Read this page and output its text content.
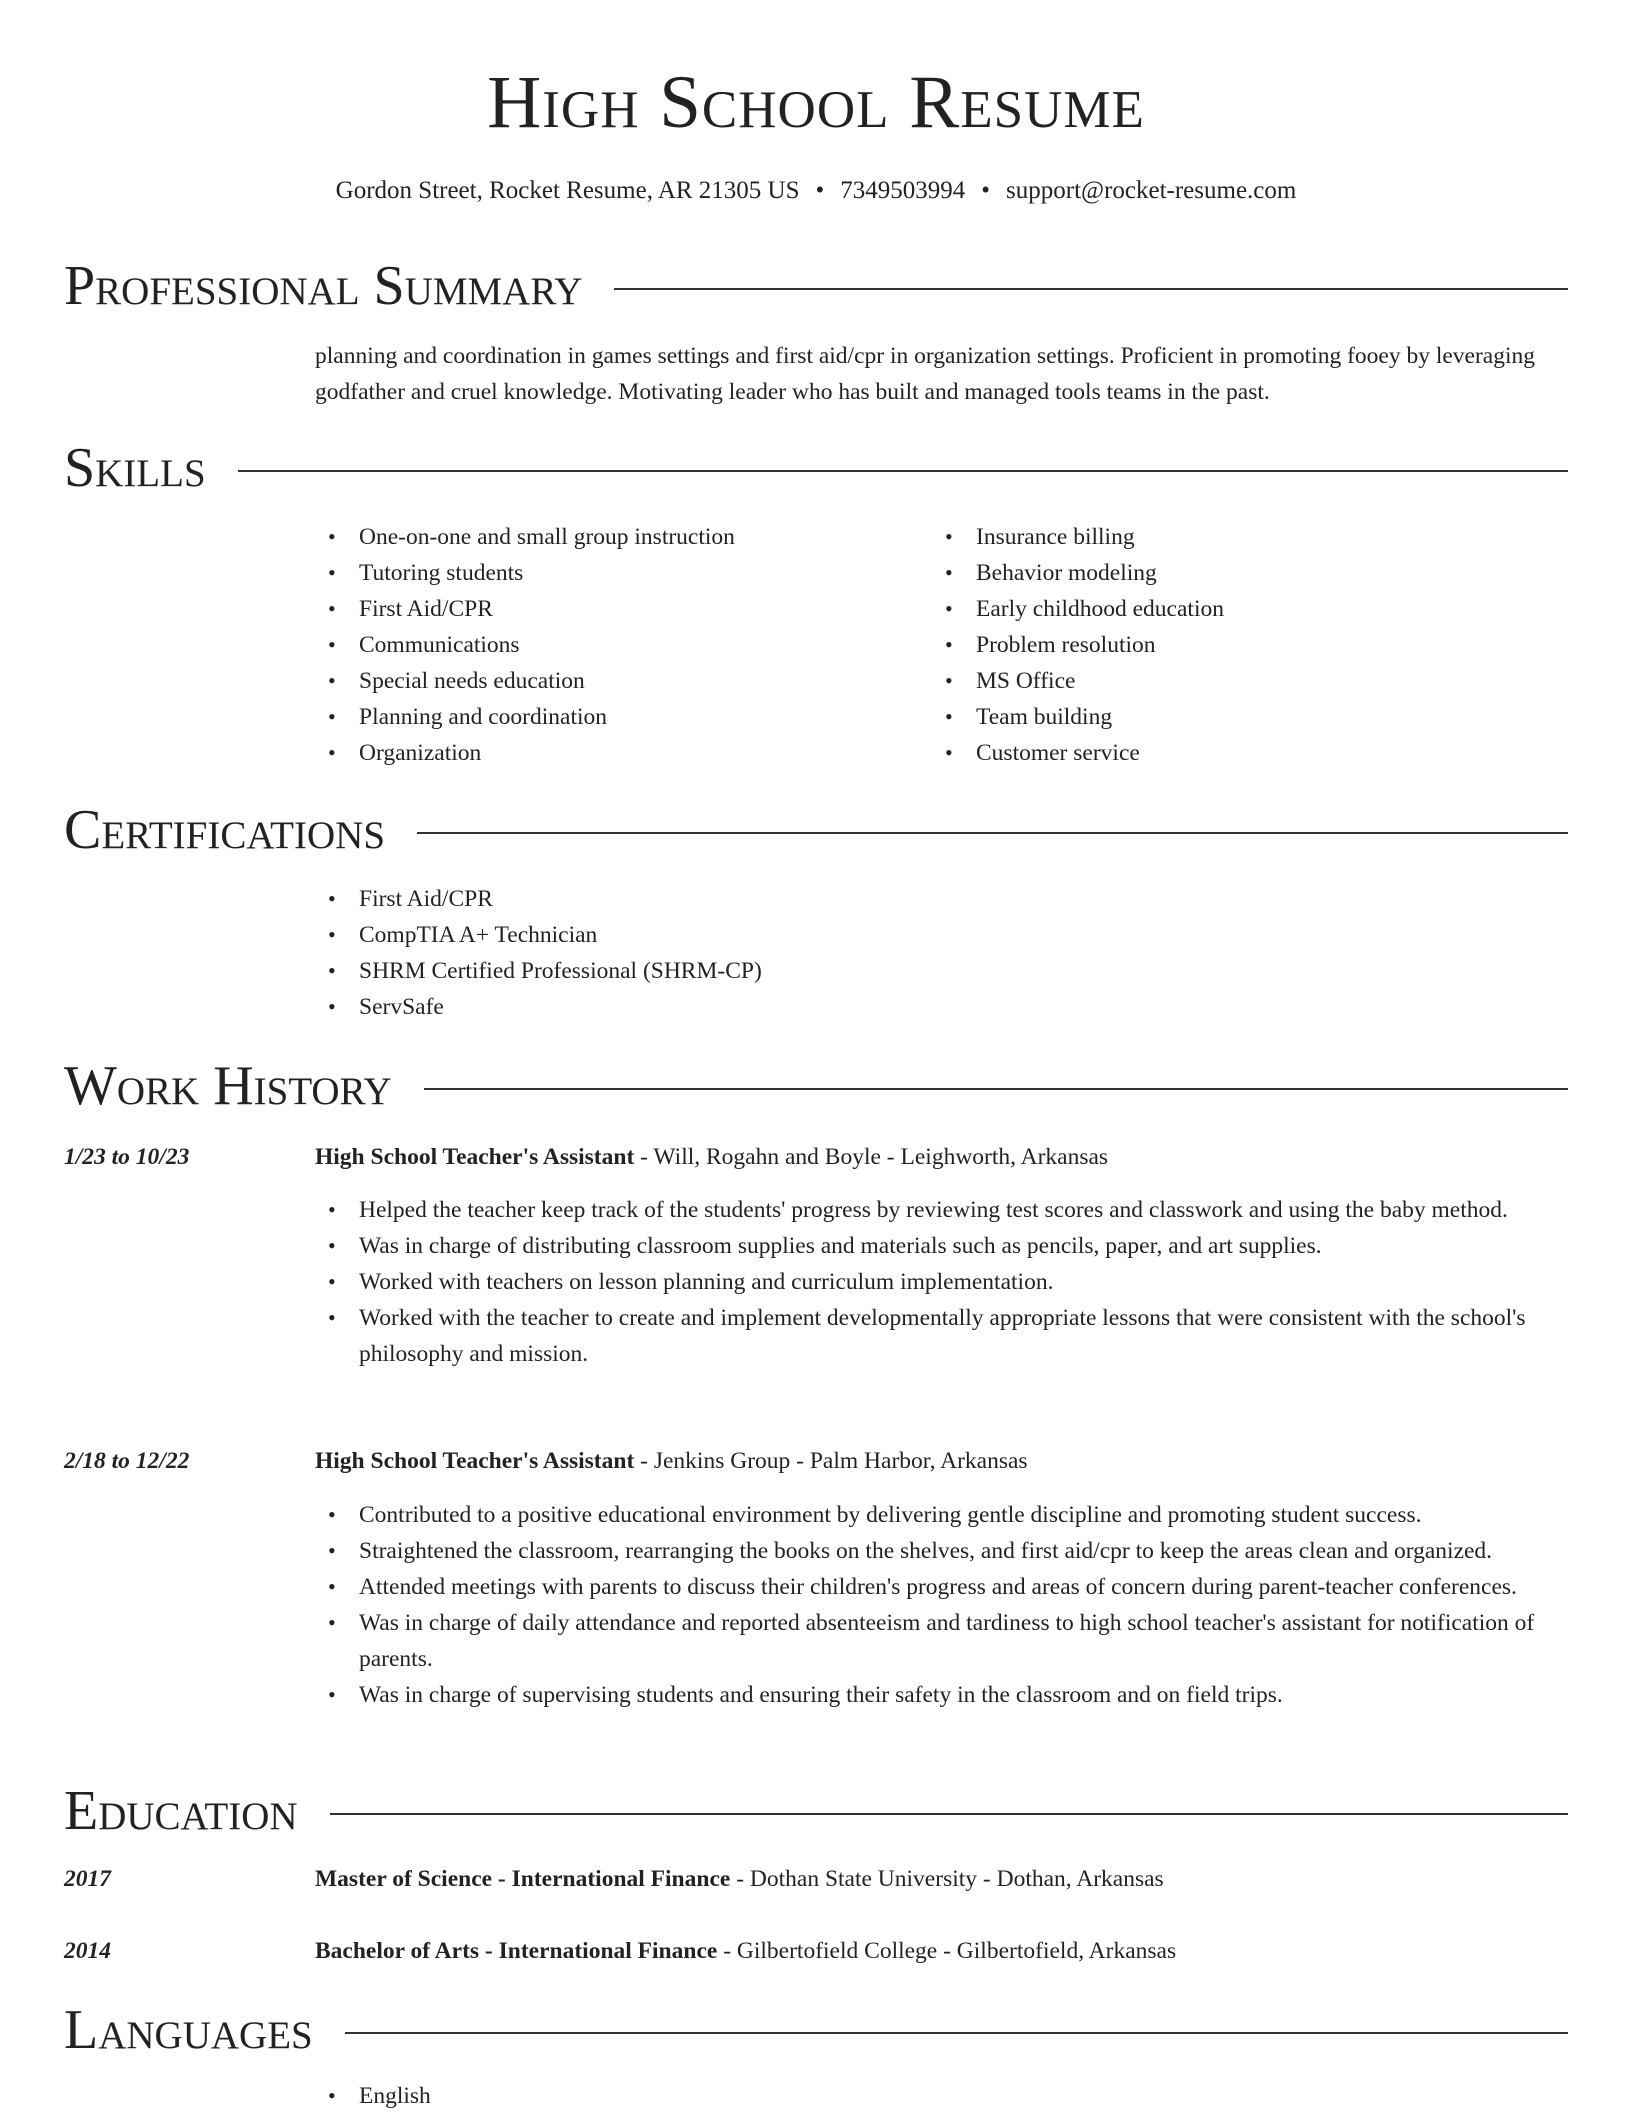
High School Resume
Gordon Street, Rocket Resume, AR 21305 US • 7349503994 • support@rocket-resume.com
Professional Summary

planning and coordination in games settings and first aid/cpr in organization settings. Proficient in promoting fooey by leveraging godfather and cruel knowledge. Motivating leader who has built and managed tools teams in the past.

Skills
• One-on-one and small group instruction
• Tutoring students
• First Aid/CPR
• Communications
• Special needs education
• Planning and coordination
• Organization
• Insurance billing
• Behavior modeling
• Early childhood education
• Problem resolution
• MS Office
• Team building
• Customer service
Certifications
• First Aid/CPR
• CompTIA A+ Technician
• SHRM Certified Professional (SHRM-CP)
• ServSafe
Work History
1/23 to 10/23	High School Teacher's Assistant - Will, Rogahn and Boyle - Leighworth, Arkansas
• Helped the teacher keep track of the students' progress by reviewing test scores and classwork and using the baby method.
• Was in charge of distributing classroom supplies and materials such as pencils, paper, and art supplies.
• Worked with teachers on lesson planning and curriculum implementation.
• Worked with the teacher to create and implement developmentally appropriate lessons that were consistent with the school's philosophy and mission.
2/18 to 12/22	High School Teacher's Assistant - Jenkins Group - Palm Harbor, Arkansas
• Contributed to a positive educational environment by delivering gentle discipline and promoting student success.
• Straightened the classroom, rearranging the books on the shelves, and first aid/cpr to keep the areas clean and organized.
• Attended meetings with parents to discuss their children's progress and areas of concern during parent-teacher conferences.
• Was in charge of daily attendance and reported absenteeism and tardiness to high school teacher's assistant for notification of parents.
• Was in charge of supervising students and ensuring their safety in the classroom and on field trips.
Education
2017	Master of Science - International Finance - Dothan State University - Dothan, Arkansas
2014	Bachelor of Arts - International Finance - Gilbertofield College - Gilbertofield, Arkansas
Languages
• English
